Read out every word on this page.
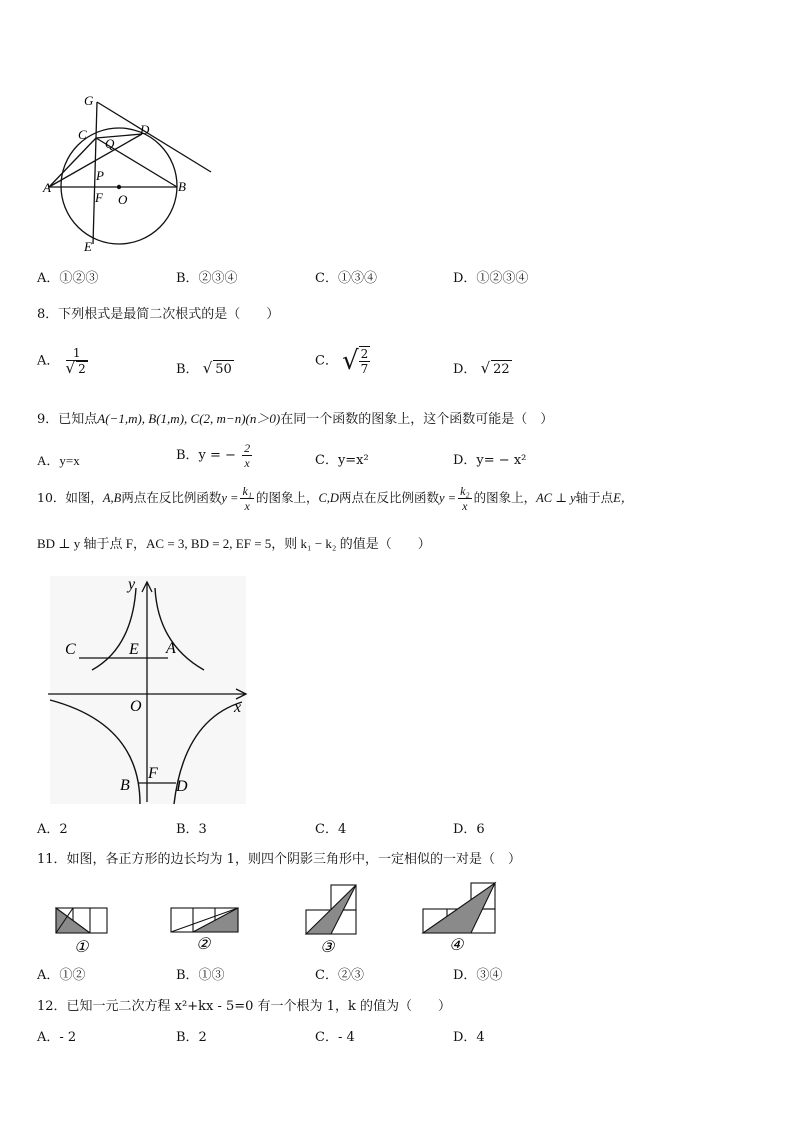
G
C	D
Q
A
P
F O
B
E
A．①②③	B．②③④	C．①③④	D．①②③④
8．下列根式是最简二次根式的是（　　）
A． $\frac{1}{√ 2}$	B． √ 50
C． √ $\frac{2}{7}$	D． √ 22
9．已知点A(−1,m), B(1,m), C(2, m−n)(n＞0)在同一个函数的图象上，这个函数可能是（　）
A．y=x	B．y = − $\frac{2}{x}$	C．y=x²	D．y= − x²
10．如图，A,B两点在反比例函数$y = \frac{\text{k₁}}{x}$ 的图象上，C,D两点在反比例函数$y = \frac{\text{k₂}}{x}$ 的图象上，AC ⊥ y轴于点E，
BD ⊥ y 轴于点 F，AC = 3, BD = 2, EF = 5，则 k₁ − k₂ 的值是（　　）
y
x
O
C	E A
B
F
D
A．2	B．3	C．4	D．6
11．如图，各正方形的边长均为 1，则四个阴影三角形中，一定相似的一对是（　）
①	②	③	④
A．①②	B．①③	C．②③	D．③④
12．已知一元二次方程 x²+kx - 5=0 有一个根为 1，k 的值为（　　）
A．- 2	B．2	C．- 4	D．4
